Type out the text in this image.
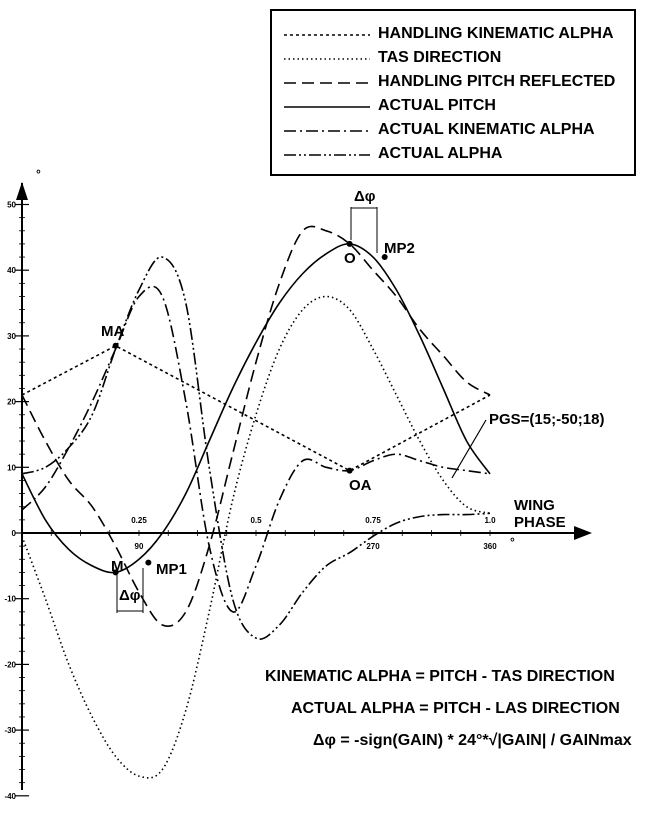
°
°
WING
PHASE
50
40
30
20
10
0
-10
-20
-30
-40
0.25	0.5	0.75	1.0
90	270	360
MA
OA
O
MP2
M MP1
Δφ
Δφ
PGS=(15;-50;18)
HANDLING KINEMATIC ALPHA
TAS DIRECTION
HANDLING PITCH REFLECTED
ACTUAL PITCH
ACTUAL KINEMATIC ALPHA
ACTUAL ALPHA
KINEMATIC ALPHA = PITCH - TAS DIRECTION
ACTUAL ALPHA = PITCH - LAS DIRECTION
Δφ = -sign(GAIN) * 24°*√|GAIN| / GAINmax
